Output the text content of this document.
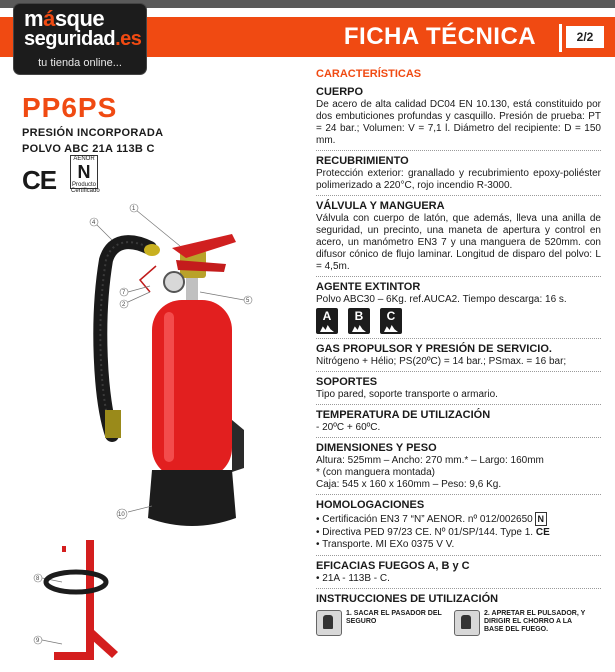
másque
seguridad.es
tu tienda online...
FICHA TÉCNICA	2/2
PP6PS
PRESIÓN INCORPORADA
POLVO ABC 21A 113B C
CE
AENOR
N
Producto Certificado
4
1
7
2
5
10
8
9
CARACTERÍSTICAS
CUERPO
De acero de alta calidad DC04 EN 10.130, está constituido por dos embuticiones profundas y casquillo. Presión de prueba: PT = 24 bar.; Volumen: V = 7,1 l. Diámetro del recipiente: D = 150 mm.
RECUBRIMIENTO
Protección exterior: granallado y recubrimiento epoxy-poliéster polimerizado a 220°C, rojo incendio R-3000.
VÁLVULA Y MANGUERA
Válvula con cuerpo de latón, que además, lleva una anilla de seguridad, un precinto, una maneta de apertura y control en acero, un manómetro EN3 7 y una manguera de 520mm. con difusor cónico de flujo laminar. Longitud de disparo del polvo: L = 4,5m.
AGENTE EXTINTOR
Polvo ABC30 – 6Kg. ref.AUCA2. Tiempo descarga: 16 s.
A	B	C
GAS PROPULSOR Y PRESIÓN DE SERVICIO.
Nitrógeno + Hélio; PS(20ºC) = 14 bar.; PSmax. = 16 bar;
SOPORTES
Tipo pared, soporte transporte o armario.
TEMPERATURA DE UTILIZACIÓN
- 20ºC + 60ºC.
DIMENSIONES Y PESO
Altura: 525mm – Ancho: 270 mm.* – Largo: 160mm
* (con manguera montada)
Caja: 545 x 160 x 160mm – Peso: 9,6 Kg.
HOMOLOGACIONES
• Certificación EN3 7 “N” AENOR. nº 012/002650 N
• Directiva PED 97/23 CE. Nº 01/SP/144. Type 1. CE
• Transporte. MI EXo 0375 V V.
EFICACIAS FUEGOS A, B y C
• 21A - 113B - C.
INSTRUCCIONES DE UTILIZACIÓN
1. SACAR EL PASADOR DEL SEGURO
2. APRETAR EL PULSADOR, Y DIRIGIR EL CHORRO A LA BASE DEL FUEGO.
